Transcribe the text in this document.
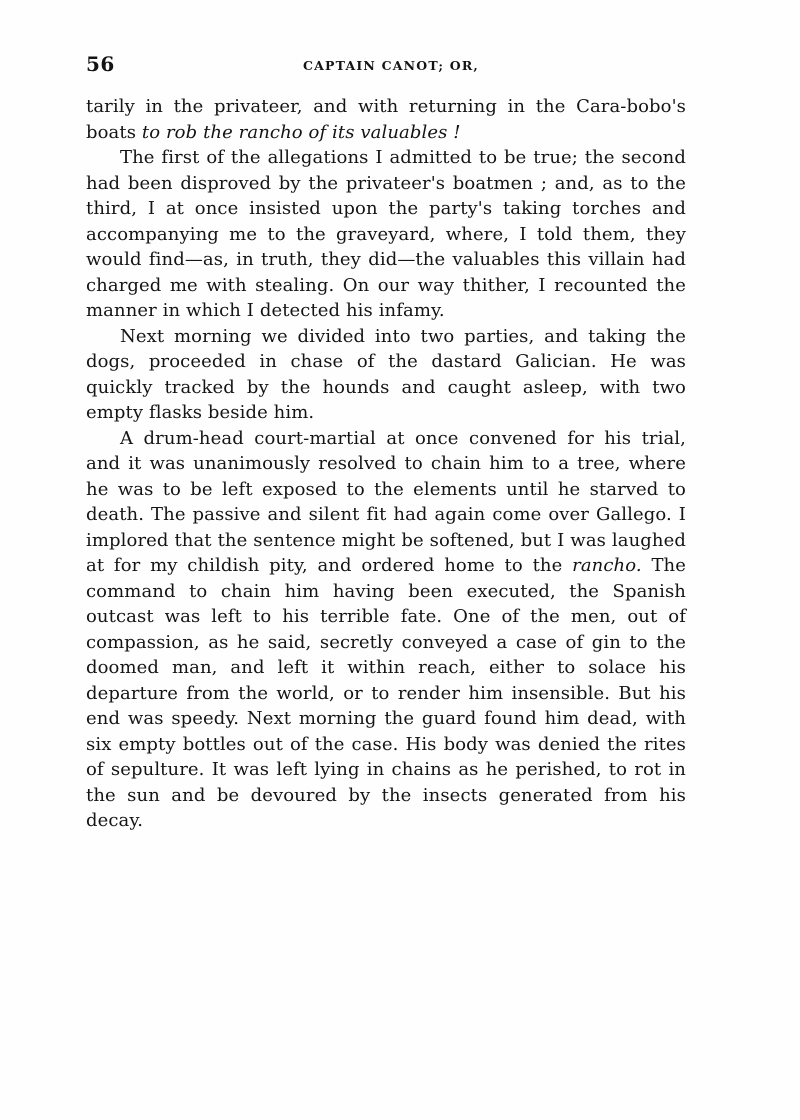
56	CAPTAIN CANOT; OR,

tarily in the privateer, and with returning in the Cara-bobo's boats to rob the rancho of its valuables !

The first of the allegations I admitted to be true; the second had been disproved by the privateer's boatmen ; and, as to the third, I at once insisted upon the party's taking torches and accompanying me to the graveyard, where, I told them, they would find—as, in truth, they did—the valuables this villain had charged me with stealing. On our way thither, I recounted the manner in which I detected his infamy.

Next morning we divided into two parties, and taking the dogs, proceeded in chase of the dastard Galician. He was quickly tracked by the hounds and caught asleep, with two empty flasks beside him.

A drum-head court-martial at once convened for his trial, and it was unanimously resolved to chain him to a tree, where he was to be left exposed to the elements until he starved to death. The passive and silent fit had again come over Gallego. I implored that the sentence might be softened, but I was laughed at for my childish pity, and ordered home to the rancho. The command to chain him having been executed, the Spanish outcast was left to his terrible fate. One of the men, out of compassion, as he said, secretly conveyed a case of gin to the doomed man, and left it within reach, either to solace his departure from the world, or to render him insensible. But his end was speedy. Next morning the guard found him dead, with six empty bottles out of the case. His body was denied the rites of sepulture. It was left lying in chains as he perished, to rot in the sun and be devoured by the insects generated from his decay.
